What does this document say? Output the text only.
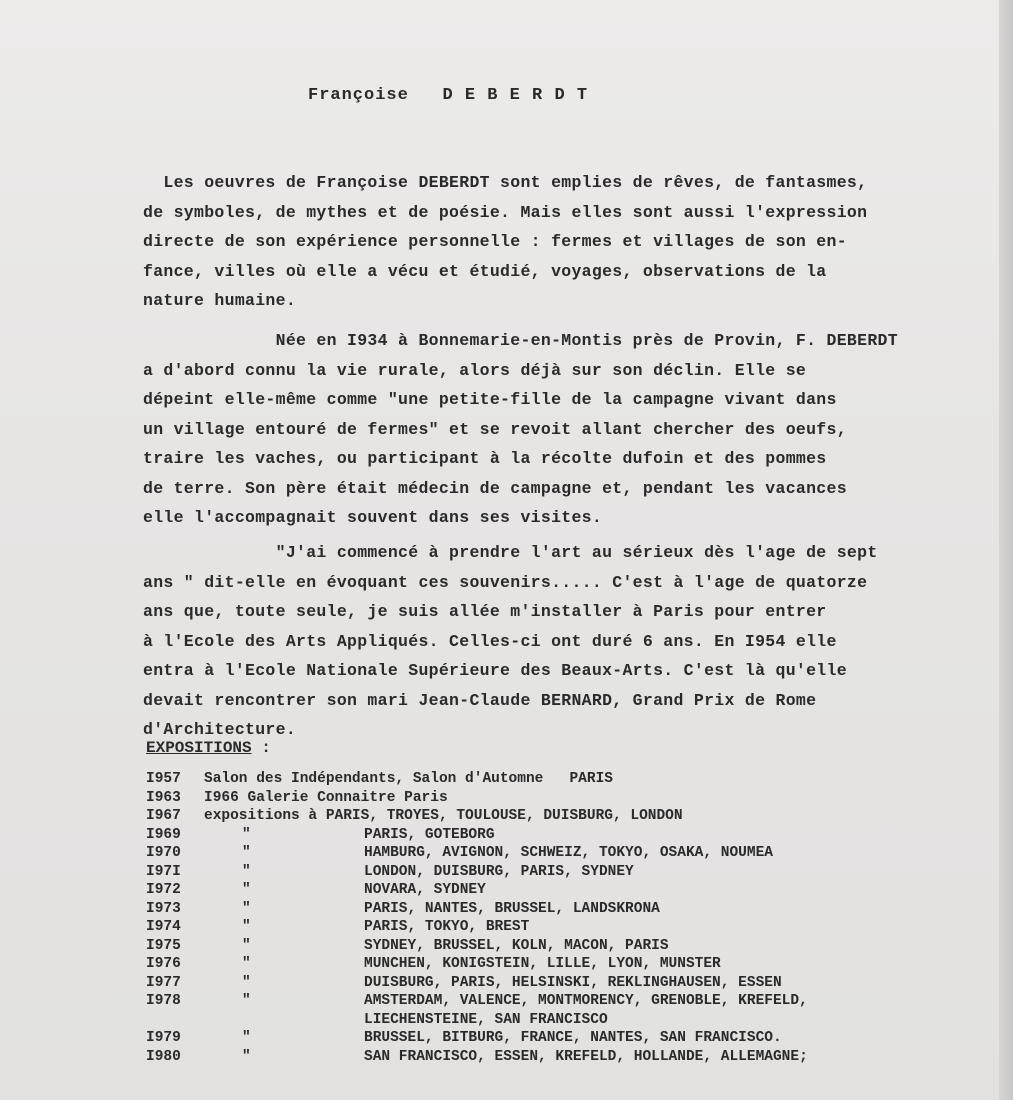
Françoise D E B E R D T
Les oeuvres de Françoise DEBERDT sont emplies de rêves, de fantasmes,
de symboles, de mythes et de poésie. Mais elles sont aussi l'expression
directe de son expérience personnelle : fermes et villages de son en-
fance, villes où elle a vécu et étudié, voyages, observations de la
nature humaine.
Née en I934 à Bonnemarie-en-Montis près de Provin, F. DEBERDT
a d'abord connu la vie rurale, alors déjà sur son déclin. Elle se
dépeint elle-même comme "une petite-fille de la campagne vivant dans
un village entouré de fermes" et se revoit allant chercher des oeufs,
traire les vaches, ou participant à la récolte dufoin et des pommes
de terre. Son père était médecin de campagne et, pendant les vacances
elle l'accompagnait souvent dans ses visites.
"J'ai commencé à prendre l'art au sérieux dès l'age de sept
ans " dit-elle en évoquant ces souvenirs..... C'est à l'age de quatorze
ans que, toute seule, je suis allée m'installer à Paris pour entrer
à l'Ecole des Arts Appliqués. Celles-ci ont duré 6 ans. En I954 elle
entra à l'Ecole Nationale Supérieure des Beaux-Arts. C'est là qu'elle
devait rencontrer son mari Jean-Claude BERNARD, Grand Prix de Rome
d'Architecture.
EXPOSITIONS :
I957	Salon des Indépendants, Salon d'Automne   PARIS
I963	I966 Galerie Connaitre Paris
I967	expositions à PARIS, TROYES, TOULOUSE, DUISBURG, LONDON
I969	"	PARIS, GOTEBORG
I970	"	HAMBURG, AVIGNON, SCHWEIZ, TOKYO, OSAKA, NOUMEA
I97I	"	LONDON, DUISBURG, PARIS, SYDNEY
I972	"	NOVARA, SYDNEY
I973	"	PARIS, NANTES, BRUSSEL, LANDSKRONA
I974	"	PARIS, TOKYO, BREST
I975	"	SYDNEY, BRUSSEL, KOLN, MACON, PARIS
I976	"	MUNCHEN, KONIGSTEIN, LILLE, LYON, MUNSTER
I977	"	DUISBURG, PARIS, HELSINSKI, REKLINGHAUSEN, ESSEN
I978	"	AMSTERDAM, VALENCE, MONTMORENCY, GRENOBLE, KREFELD,
LIECHENSTEINE, SAN FRANCISCO
I979	"	BRUSSEL, BITBURG, FRANCE, NANTES, SAN FRANCISCO.
I980	"	SAN FRANCISCO, ESSEN, KREFELD, HOLLANDE, ALLEMAGNE;
